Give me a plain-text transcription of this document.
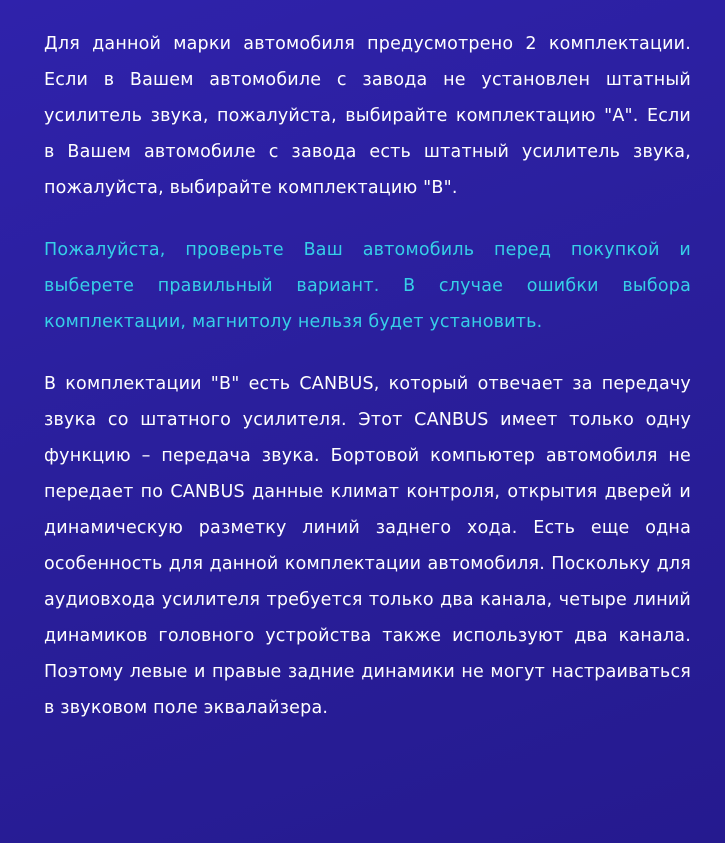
Для данной марки автомобиля предусмотрено 2 комплектации. Если в Вашем автомобиле с завода не установлен штатный усилитель звука, пожалуйста, выбирайте комплектацию "А". Если в Вашем автомобиле с завода есть штатный усилитель звука, пожалуйста, выбирайте комплектацию "В".

Пожалуйста, проверьте Ваш автомобиль перед покупкой и выберете правильный вариант. В случае ошибки выбора комплектации, магнитолу нельзя будет установить.

В комплектации "В" есть CANBUS, который отвечает за передачу звука со штатного усилителя. Этот CANBUS имеет только одну функцию – передача звука. Бортовой компьютер автомобиля не передает по CANBUS данные климат контроля, открытия дверей и динамическую разметку линий заднего хода. Есть еще одна особенность для данной комплектации автомобиля. Поскольку для аудиовхода усилителя требуется только два канала, четыре линий динамиков головного устройства также используют два канала. Поэтому левые и правые задние динамики не могут настраиваться в звуковом поле эквалайзера.
